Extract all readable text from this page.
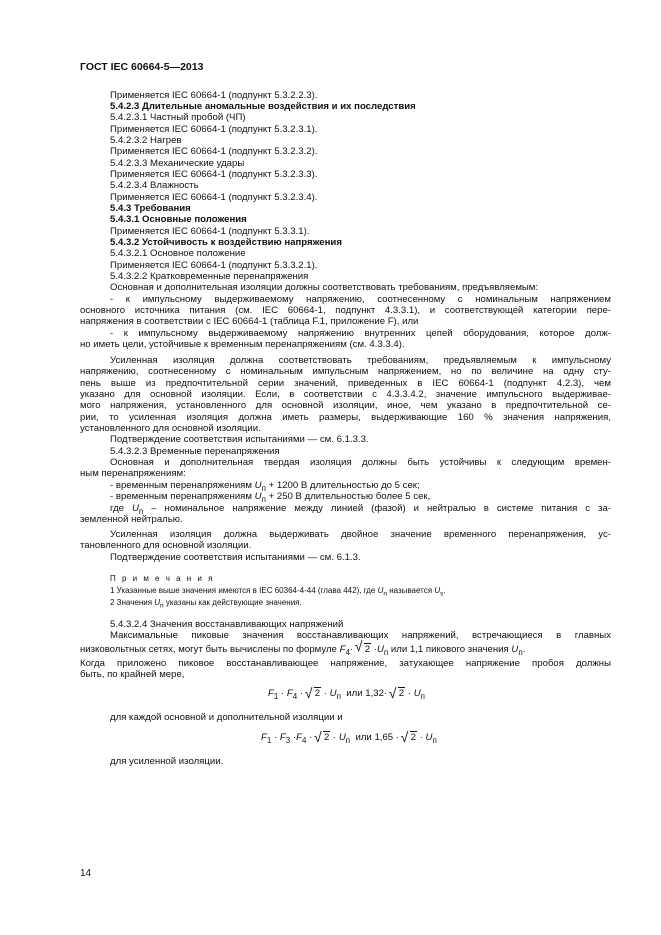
ГОСТ IEC 60664-5—2013
Применяется IEC 60664-1 (подпункт 5.3.2.2.3).
5.4.2.3 Длительные аномальные воздействия и их последствия
5.4.2.3.1 Частный пробой (ЧП)
Применяется IEC 60664-1 (подпункт 5.3.2.3.1).
5.4.2.3.2 Нагрев
Применяется IEC 60664-1 (подпункт 5.3.2.3.2).
5.4.2.3.3 Механические удары
Применяется IEC 60664-1 (подпункт 5.3.2.3.3).
5.4.2.3.4 Влажность
Применяется IEC 60664-1 (подпункт 5.3.2.3.4).
5.4.3 Требования
5.4.3.1 Основные положения
Применяется IEC 60664-1 (подпункт 5.3.3.1).
5.4.3.2 Устойчивость к воздействию напряжения
5.4.3.2.1 Основное положение
Применяется IEC 60664-1 (подпункт 5.3.3.2.1).
5.4.3.2.2 Кратковременные перенапряжения
Основная и дополнительная изоляции должны соответствовать требованиям, предъявляемым:
- к импульсному выдерживаемому напряжению, соотнесенному с номинальным напряжением
основного источника питания (см. IEC 60664-1, подпункт 4.3.3.1), и соответствующей категории пере-
напряжения в соответствии с IEC 60664-1 (таблица F.1, приложение F), или
- к импульсному выдерживаемому напряжению внутренних цепей оборудования, которое долж-
но иметь цели, устойчивые к временным перенапряжениям (см. 4.3.3.4).
Усиленная изоляция должна соответствовать требованиям, предъявляемым к импульсному
напряжению, соотнесенному с номинальным импульсным напряжением, но по величине на одну сту-
пень выше из предпочтительной серии значений, приведенных в IEC 60664-1 (подпункт 4.2.3), чем
указано для основной изоляции. Если, в соответствии с 4.3.3.4.2, значение импульсного выдерживае-
мого напряжения, установленного для основной изоляции, иное, чем указано в предпочтительной се-
рии, то усиленная изоляция должна иметь размеры, выдерживающие 160 % значения напряжения,
установленного для основной изоляции.
Подтверждение соответствия испытаниями — см. 6.1.3.3.
5.4.3.2.3 Временные перенапряжения
Основная и дополнительная твердая изоляция должны быть устойчивы к следующим времен-
ным перенапряжениям:
- временным перенапряжениям $U_п + 1200$ В длительностью до 5 сек;
- временным перенапряжениям $U_п + 250$ В длительностью более 5 сек,
где $U_п$ – номинальное напряжение между линией (фазой) и нейтралью в системе питания с за-
земленной нейтралью.
Усиленная изоляция должна выдерживать двойное значение временного перенапряжения, ус-
тановленного для основной изоляции.
Подтверждение соответствия испытаниями — см. 6.1.3.
П р и м е ч а н и я
1 Указанные выше значения имеются в IEC 60364-4-44 (глава 442), где $U_п$ называется $U_s$.
2 Значения $U_п$ указаны как действующие значения.
5.4.3.2.4 Значения восстанавливающих напряжений
Максимальные пиковые значения восстанавливающих напряжений, встречающиеся в главных
низковольтных сетях, могут быть вычислены по формуле $F_4\cdot$ √ $2 \cdot U_п$ или 1,1 пикового значения $U_п$.
Когда приложено пиковое восстанавливающее напряжение, затухающее напряжение пробоя должны
быть, по крайней мере,
$F_1 \cdot F_4$ · √ $2 \cdot U_п$ или 1,32· √ $2 \cdot U_п$
для каждой основной и дополнительной изоляции и
$F_1 \cdot F_3 \cdot F_4$ · √ $2 \cdot U_п$ или 1,65 · √ $2 \cdot U_п$
для усиленной изоляции.
14
